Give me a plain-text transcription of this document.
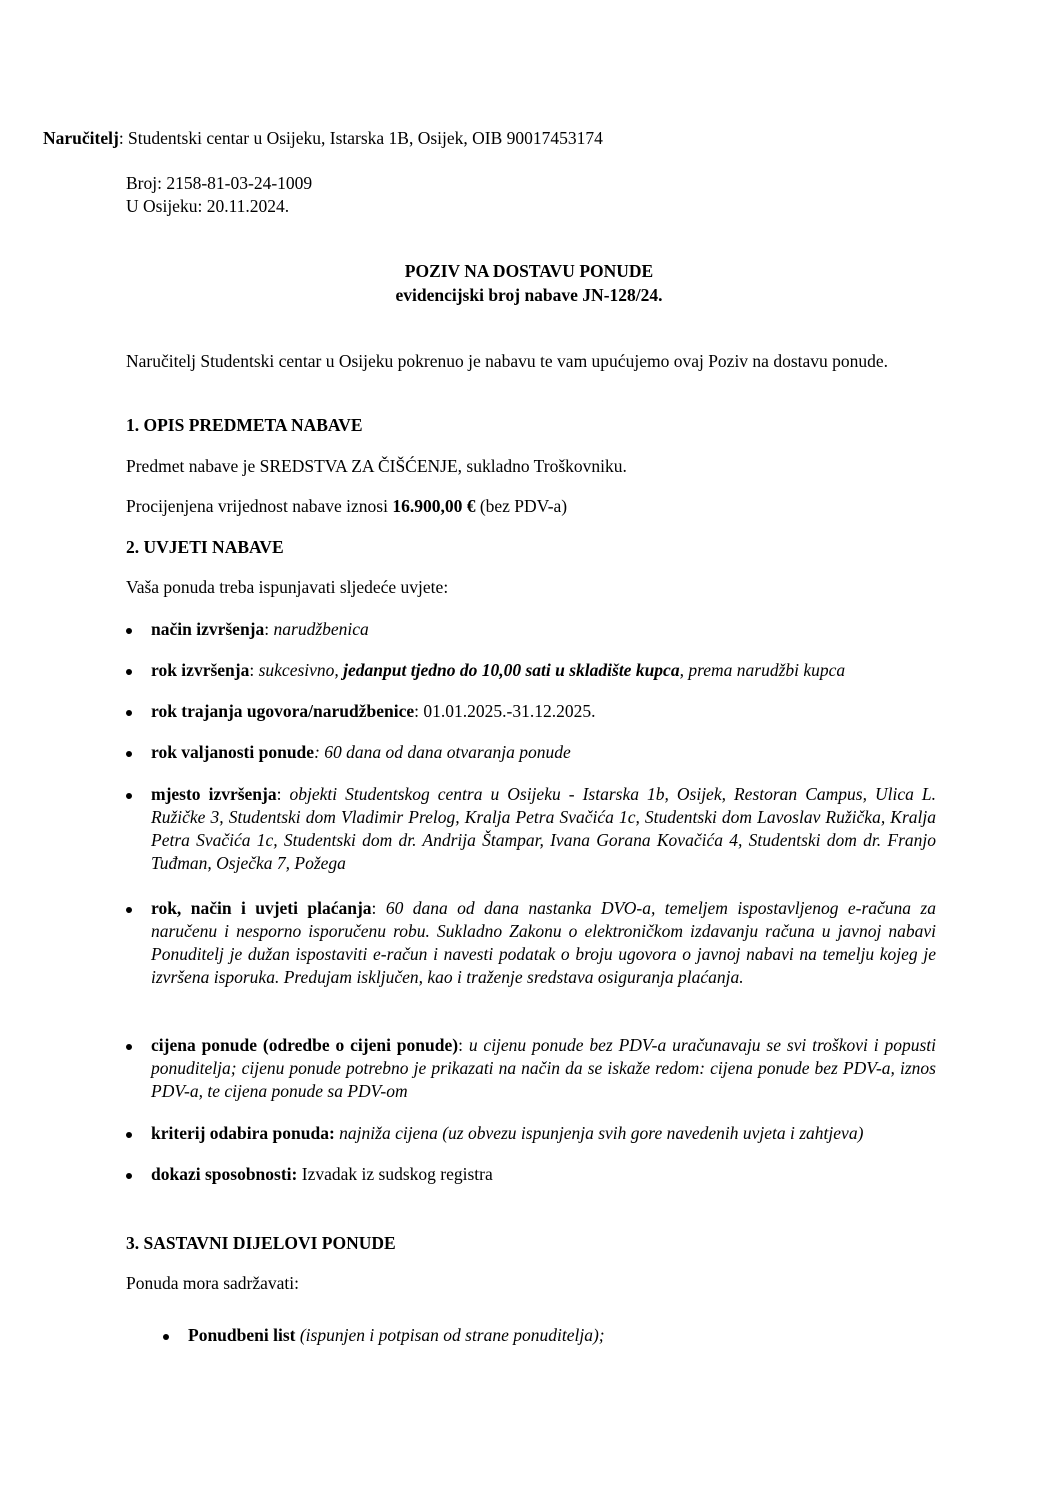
Naručitelj: Studentski centar u Osijeku, Istarska 1B, Osijek, OIB 90017453174

Broj: 2158-81-03-24-1009

U Osijeku: 20.11.2024.

POZIV NA DOSTAVU PONUDE

evidencijski broj nabave JN-128/24.

Naručitelj Studentski centar u Osijeku pokrenuo je nabavu te vam upućujemo ovaj Poziv na dostavu ponude.

1. OPIS PREDMETA NABAVE

Predmet nabave je SREDSTVA ZA ČIŠĆENJE, sukladno Troškovniku.

Procijenjena vrijednost nabave iznosi 16.900,00 € (bez PDV-a)

2. UVJETI NABAVE

Vaša ponuda treba ispunjavati sljedeće uvjete:

način izvršenja: narudžbenica
rok izvršenja: sukcesivno, jedanput tjedno do 10,00 sati u skladište kupca, prema narudžbi kupca
rok trajanja ugovora/narudžbenice: 01.01.2025.-31.12.2025.
rok valjanosti ponude: 60 dana od dana otvaranja ponude
mjesto izvršenja: objekti Studentskog centra u Osijeku - Istarska 1b, Osijek, Restoran Campus, Ulica L. Ružičke 3, Studentski dom Vladimir Prelog, Kralja Petra Svačića 1c, Studentski dom Lavoslav Ružička, Kralja Petra Svačića 1c, Studentski dom dr. Andrija Štampar, Ivana Gorana Kovačića 4, Studentski dom dr. Franjo Tuđman, Osječka 7, Požega
rok, način i uvjeti plaćanja: 60 dana od dana nastanka DVO-a, temeljem ispostavljenog e-računa za naručenu i nesporno isporučenu robu. Sukladno Zakonu o elektroničkom izdavanju računa u javnoj nabavi Ponuditelj je dužan ispostaviti e-račun i navesti podatak o broju ugovora o javnoj nabavi na temelju kojeg je izvršena isporuka. Predujam isključen, kao i traženje sredstava osiguranja plaćanja.
cijena ponude (odredbe o cijeni ponude): u cijenu ponude bez PDV-a uračunavaju se svi troškovi i popusti ponuditelja; cijenu ponude potrebno je prikazati na način da se iskaže redom: cijena ponude bez PDV-a, iznos PDV-a, te cijena ponude sa PDV-om
kriterij odabira ponuda: najniža cijena (uz obvezu ispunjenja svih gore navedenih uvjeta i zahtjeva)
dokazi sposobnosti: Izvadak iz sudskog registra

3. SASTAVNI DIJELOVI PONUDE

Ponuda mora sadržavati:

Ponudbeni list (ispunjen i potpisan od strane ponuditelja);
